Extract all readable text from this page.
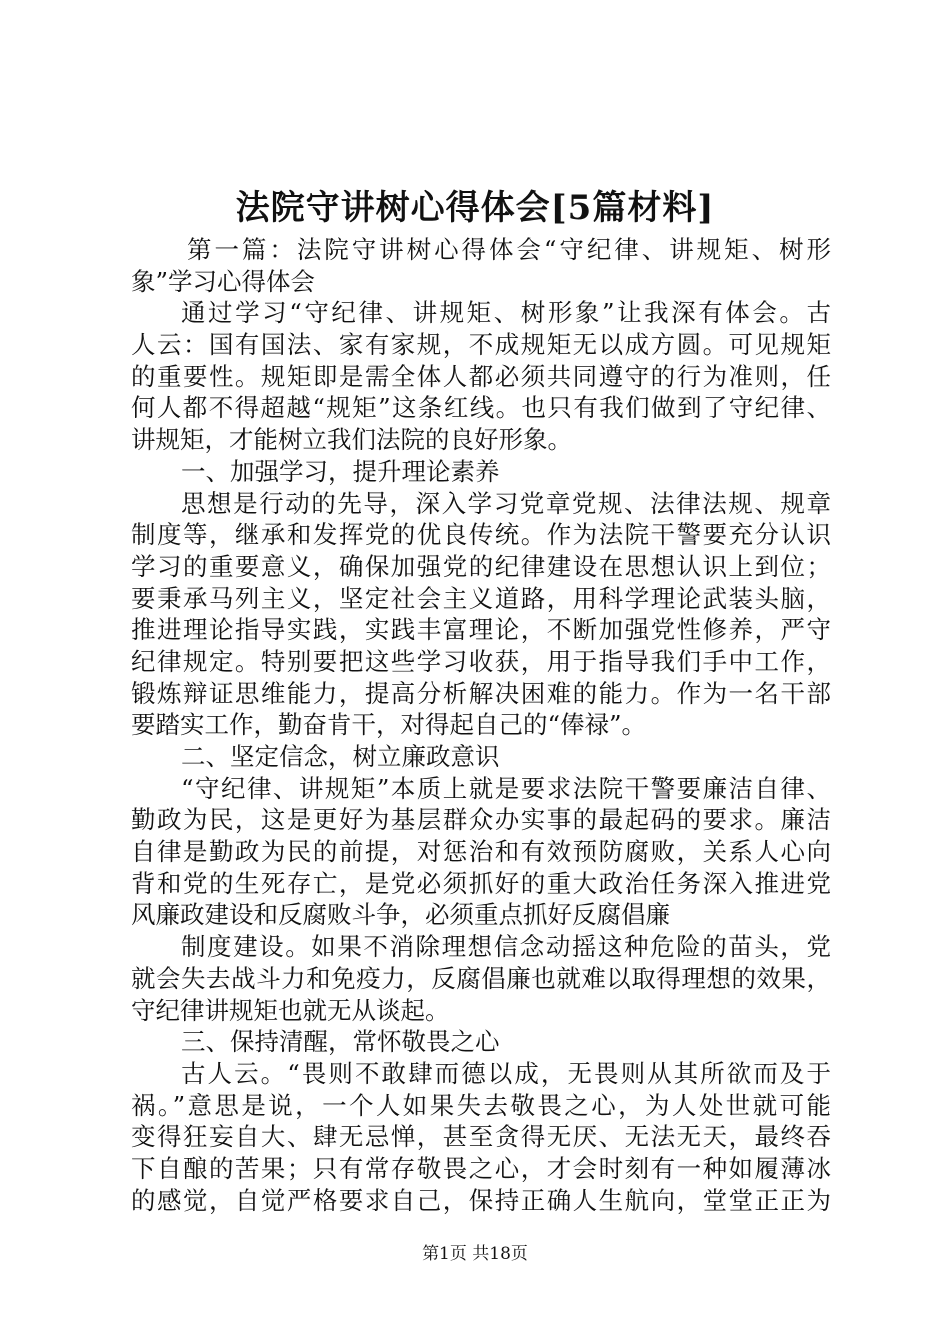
法院守讲树心得体会[5篇材料]
第一篇：法院守讲树心得体会“守纪律、讲规矩、树形
象”学习心得体会
通过学习“守纪律、讲规矩、树形象”让我深有体会。古
人云：国有国法、家有家规，不成规矩无以成方圆。可见规矩
的重要性。规矩即是需全体人都必须共同遵守的行为准则，任
何人都不得超越“规矩”这条红线。也只有我们做到了守纪律、
讲规矩，才能树立我们法院的良好形象。
一、加强学习，提升理论素养
思想是行动的先导，深入学习党章党规、法律法规、规章
制度等，继承和发挥党的优良传统。作为法院干警要充分认识
学习的重要意义，确保加强党的纪律建设在思想认识上到位；
要秉承马列主义，坚定社会主义道路，用科学理论武装头脑，
推进理论指导实践，实践丰富理论，不断加强党性修养，严守
纪律规定。特别要把这些学习收获，用于指导我们手中工作，
锻炼辩证思维能力，提高分析解决困难的能力。作为一名干部
要踏实工作，勤奋肯干，对得起自己的“俸禄”。
二、坚定信念，树立廉政意识
“守纪律、讲规矩”本质上就是要求法院干警要廉洁自律、
勤政为民，这是更好为基层群众办实事的最起码的要求。廉洁
自律是勤政为民的前提，对惩治和有效预防腐败，关系人心向
背和党的生死存亡，是党必须抓好的重大政治任务深入推进党
风廉政建设和反腐败斗争，必须重点抓好反腐倡廉
制度建设。如果不消除理想信念动摇这种危险的苗头，党
就会失去战斗力和免疫力，反腐倡廉也就难以取得理想的效果，
守纪律讲规矩也就无从谈起。
三、保持清醒，常怀敬畏之心
古人云。“畏则不敢肆而德以成，无畏则从其所欲而及于
祸。”意思是说，一个人如果失去敬畏之心，为人处世就可能
变得狂妄自大、肆无忌惮，甚至贪得无厌、无法无天，最终吞
下自酿的苦果；只有常存敬畏之心，才会时刻有一种如履薄冰
的感觉，自觉严格要求自己，保持正确人生航向，堂堂正正为
第1页 共18页
